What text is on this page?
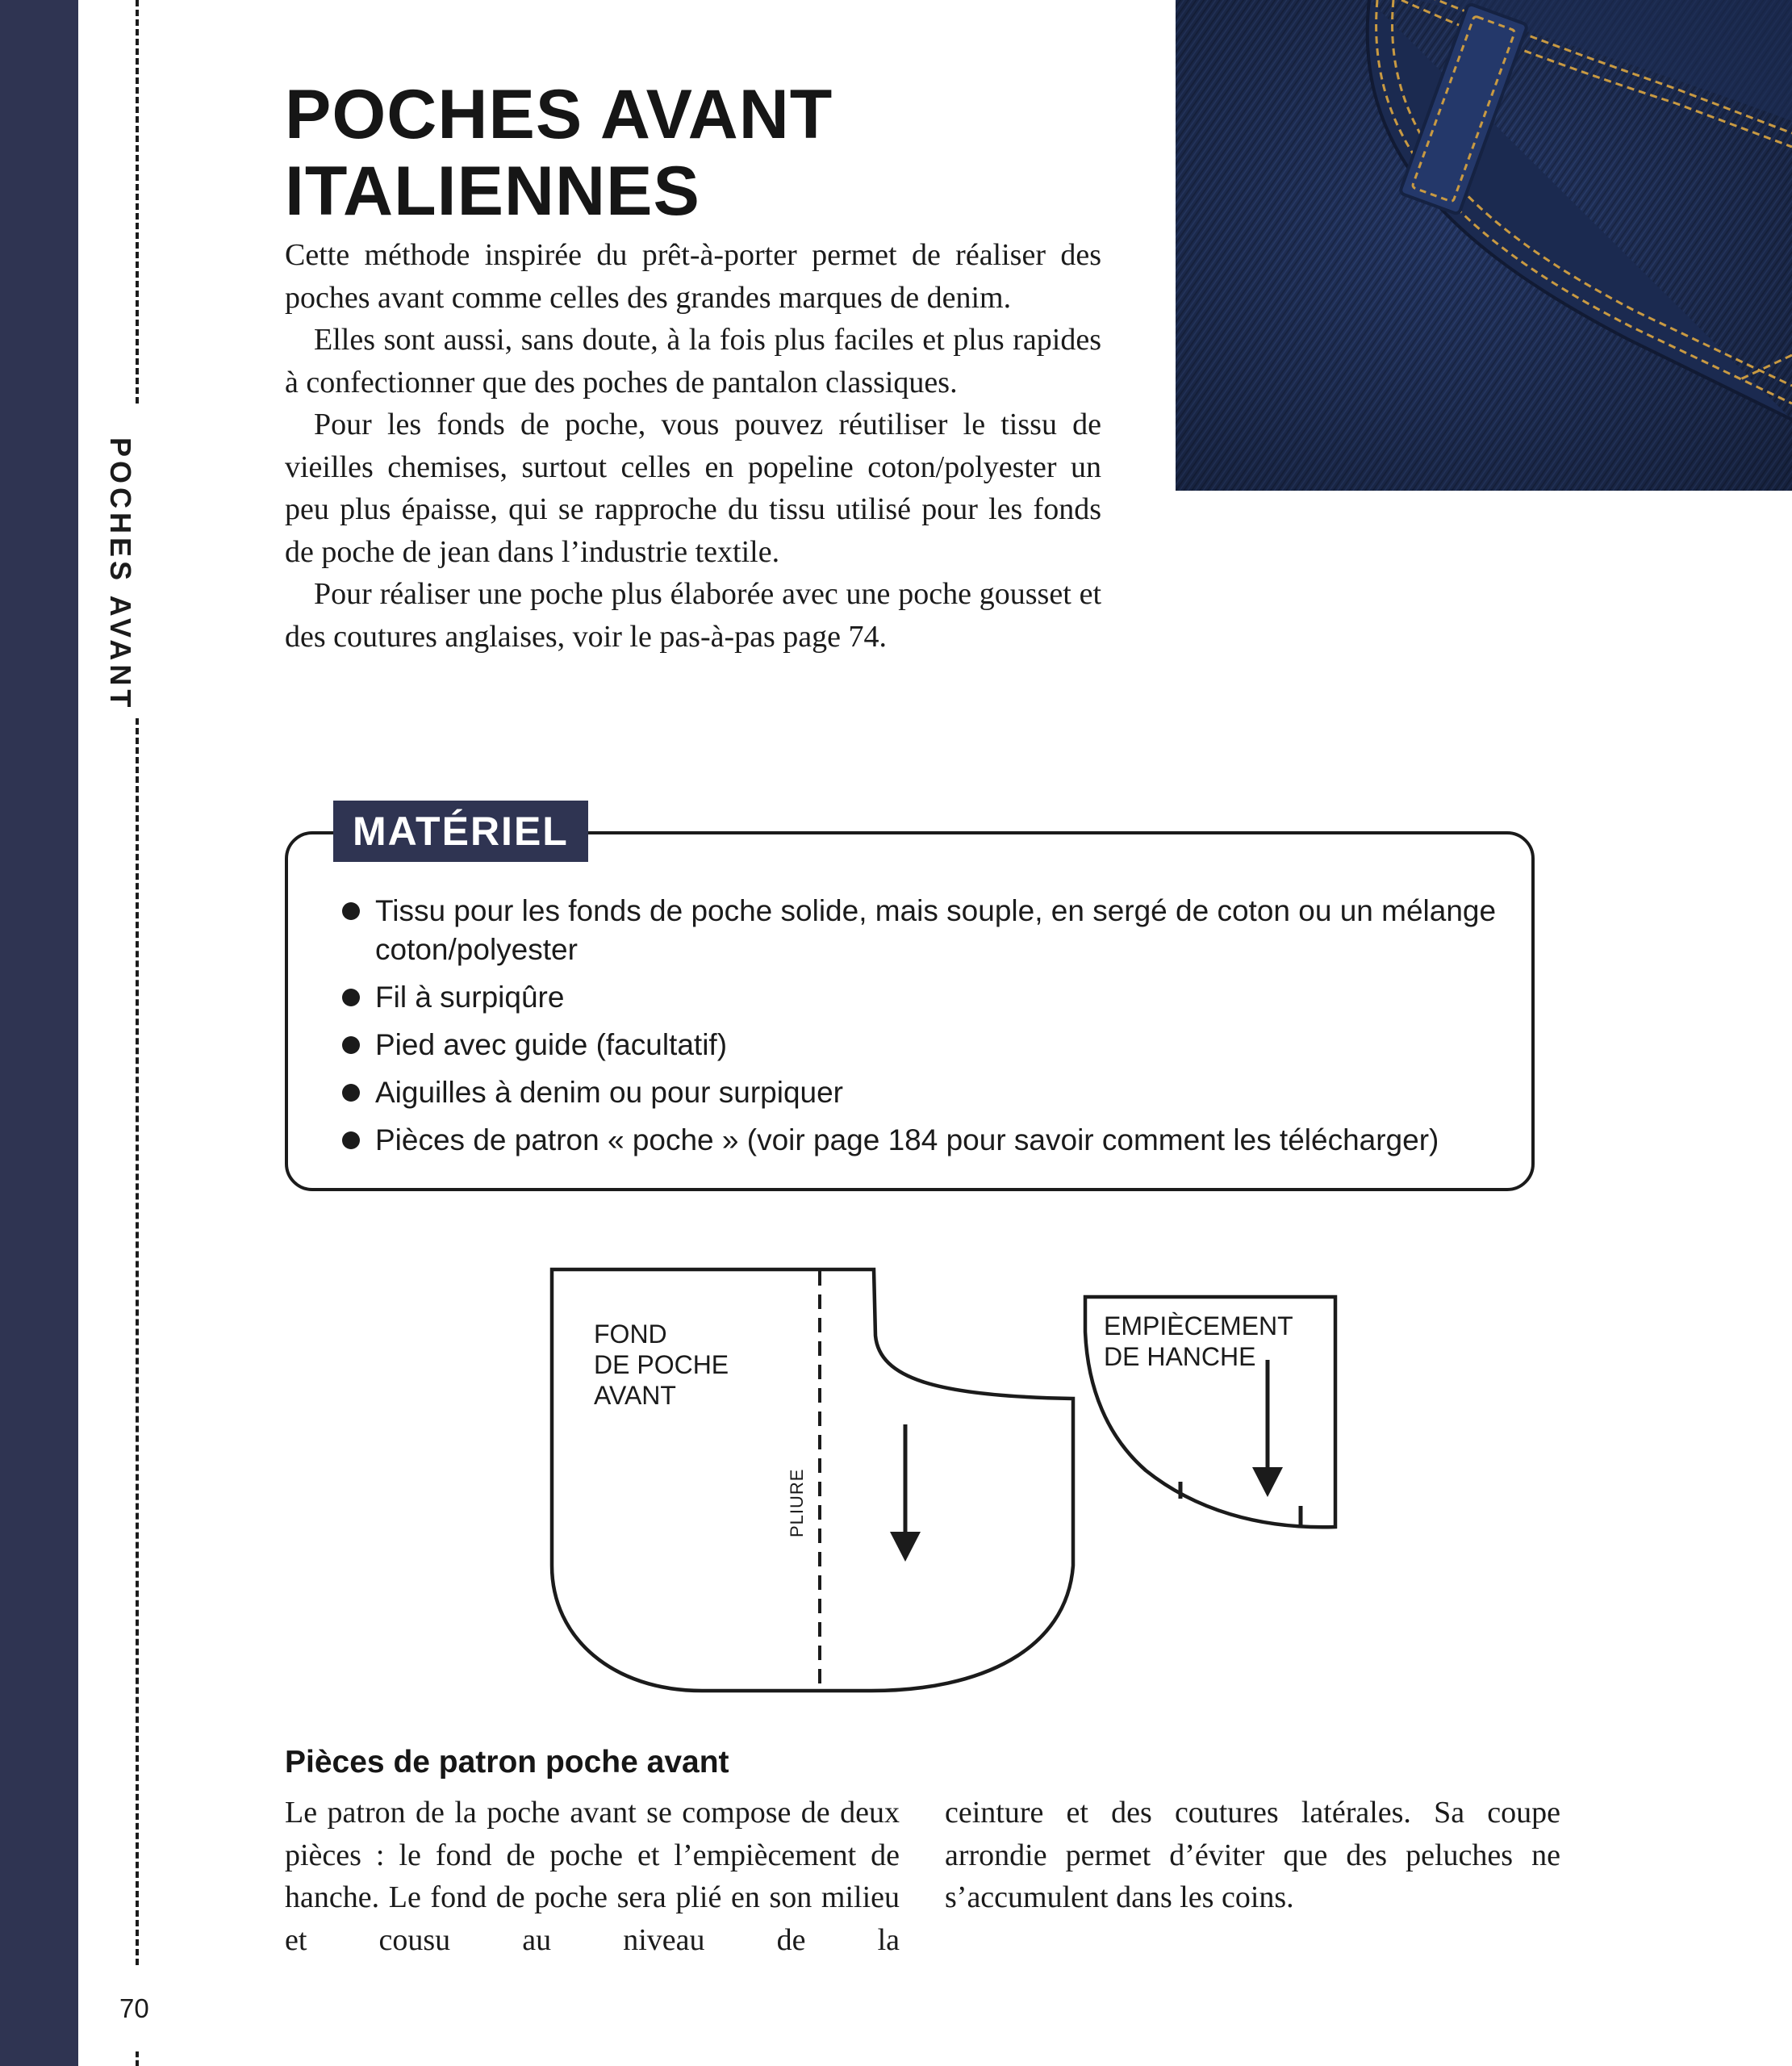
POCHES AVANT
70
POCHES AVANT
ITALIENNES

Cette méthode inspirée du prêt-à-porter permet de réaliser des poches avant comme celles des grandes marques de denim.

Elles sont aussi, sans doute, à la fois plus faciles et plus rapides à confectionner que des poches de pantalon classiques.

Pour les fonds de poche, vous pouvez réutiliser le tissu de vieilles chemises, surtout celles en popeline coton/polyester un peu plus épaisse, qui se rapproche du tissu utilisé pour les fonds de poche de jean dans l’industrie textile.

Pour réaliser une poche plus élaborée avec une poche gousset et des coutures anglaises, voir le pas-à-pas page 74.

MATÉRIEL
Tissu pour les fonds de poche solide, mais souple, en sergé de coton ou un mélange coton/polyester
Fil à surpiqûre
Pied avec guide (facultatif)
Aiguilles à denim ou pour surpiquer
Pièces de patron « poche » (voir page 184 pour savoir comment les télécharger)
FOND
DE POCHE
AVANT
EMPIÈCEMENT
DE HANCHE
PLIURE
Pièces de patron poche avant

Le patron de la poche avant se compose de deux pièces : le fond de poche et l’empiècement de hanche. Le fond de poche sera plié en son milieu et cousu au niveau de la

ceinture et des coutures latérales. Sa coupe arrondie permet d’éviter que des peluches ne s’accumulent dans les coins.
